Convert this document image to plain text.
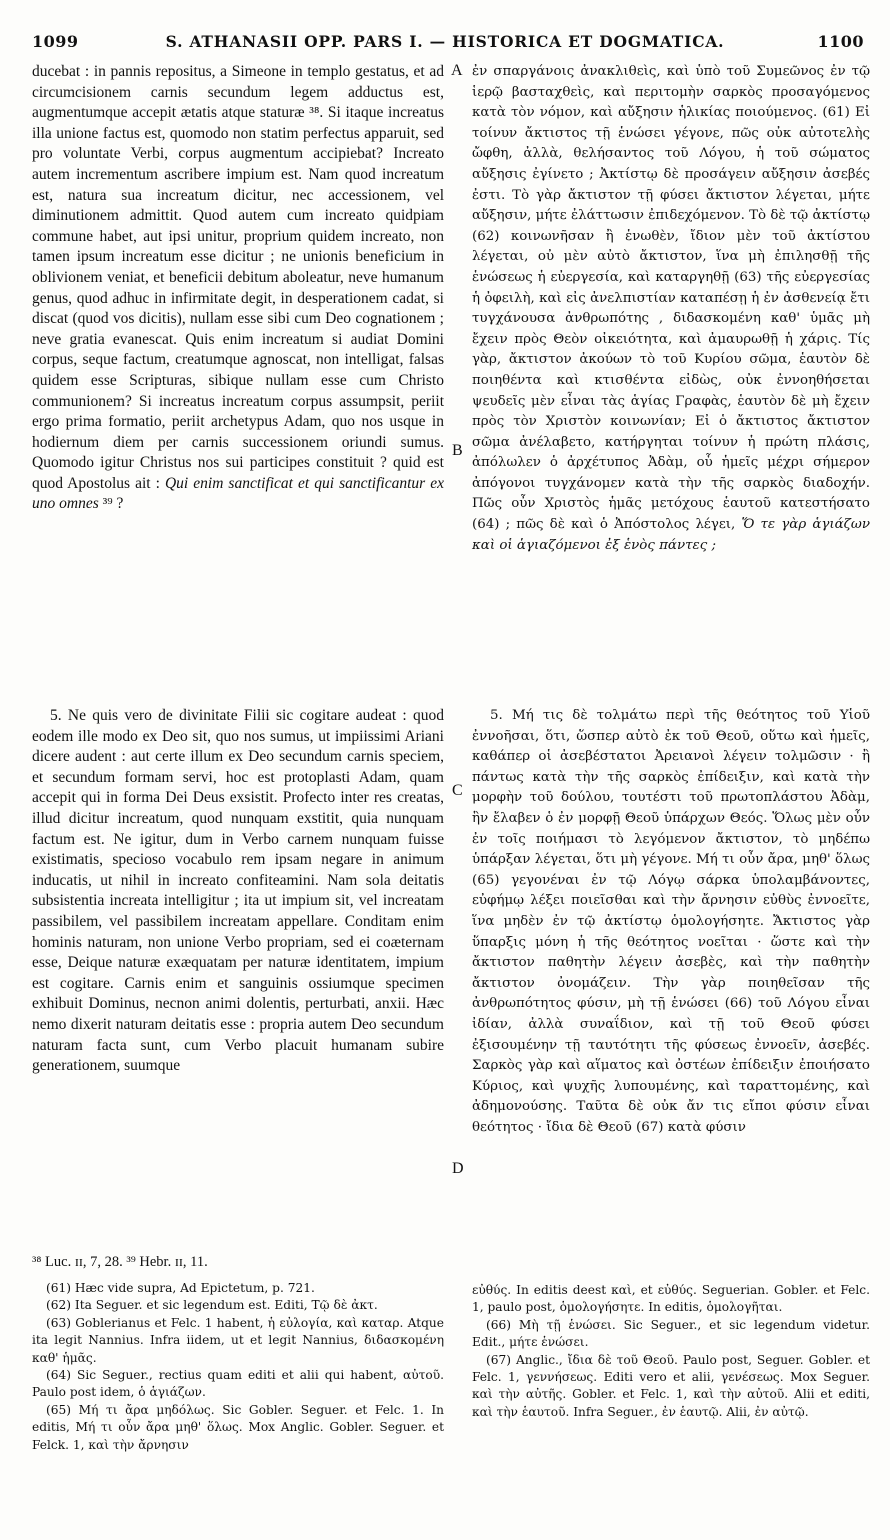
1099	S. ATHANASII OPP. PARS I. — HISTORICA ET DOGMATICA.	1100

ducebat : in pannis repositus, a Simeone in templo gestatus, et ad circumcisionem carnis secundum legem adductus est, augmentumque accepit ætatis atque staturæ ³⁸. Si itaque increatus illa unione factus est, quomodo non statim perfectus apparuit, sed pro voluntate Verbi, corpus augmentum accipiebat? Increato autem incrementum ascribere impium est. Nam quod increatum est, natura sua increatum dicitur, nec accessionem, vel diminutionem admittit. Quod autem cum increato quidpiam commune habet, aut ipsi unitur, proprium quidem increato, non tamen ipsum increatum esse dicitur ; ne unionis beneficium in oblivionem veniat, et beneficii debitum aboleatur, neve humanum genus, quod adhuc in infirmitate degit, in desperationem cadat, si discat (quod vos dicitis), nullam esse sibi cum Deo cognationem ; neve gratia evanescat. Quis enim increatum si audiat Domini corpus, seque factum, creatumque agnoscat, non intelligat, falsas quidem esse Scripturas, sibique nullam esse cum Christo communionem? Si increatus increatum corpus assumpsit, periit ergo prima formatio, periit archetypus Adam, quo nos usque in hodiernum diem per carnis successionem oriundi sumus. Quomodo igitur Christus nos sui participes constituit ? quid est quod Apostolus ait : Qui enim sanctificat et qui sanctificantur ex uno omnes ³⁹ ?

ἐν σπαργάνοις ἀνακλιθεὶς, καὶ ὑπὸ τοῦ Συμεῶνος ἐν τῷ ἱερῷ βασταχθεὶς, καὶ περιτομὴν σαρκὸς προσαγόμενος κατὰ τὸν νόμον, καὶ αὔξησιν ἡλικίας ποιούμενος. (61) Εἰ τοίνυν ἄκτιστος τῇ ἑνώσει γέγονε, πῶς οὐκ αὐτοτελὴς ὤφθη, ἀλλὰ, θελήσαντος τοῦ Λόγου, ἡ τοῦ σώματος αὔξησις ἐγίνετο ; Ἀκτίστῳ δὲ προσάγειν αὔξησιν ἀσεβές ἐστι. Τὸ γὰρ ἄκτιστον τῇ φύσει ἄκτιστον λέγεται, μήτε αὔξησιν, μήτε ἐλάττωσιν ἐπιδεχόμενον. Τὸ δὲ τῷ ἀκτίστῳ (62) κοινωνῆσαν ἢ ἑνωθὲν, ἴδιον μὲν τοῦ ἀκτίστου λέγεται, οὐ μὲν αὐτὸ ἄκτιστον, ἵνα μὴ ἐπιλησθῇ τῆς ἑνώσεως ἡ εὐεργεσία, καὶ καταργηθῇ (63) τῆς εὐεργεσίας ἡ ὀφειλὴ, καὶ εἰς ἀνελπιστίαν καταπέσῃ ἡ ἐν ἀσθενείᾳ ἔτι τυγχάνουσα ἀνθρωπότης , διδασκομένη καθ' ὑμᾶς μὴ ἔχειν πρὸς Θεὸν οἰκειότητα, καὶ ἀμαυρωθῇ ἡ χάρις. Τίς γὰρ, ἄκτιστον ἀκούων τὸ τοῦ Κυρίου σῶμα, ἑαυτὸν δὲ ποιηθέντα καὶ κτισθέντα εἰδὼς, οὐκ ἐννοηθήσεται ψευδεῖς μὲν εἶναι τὰς ἁγίας Γραφὰς, ἑαυτὸν δὲ μὴ ἔχειν πρὸς τὸν Χριστὸν κοινωνίαν; Εἰ ὁ ἄκτιστος ἄκτιστον σῶμα ἀνέλαβετο, κατήργηται τοίνυν ἡ πρώτη πλάσις, ἀπόλωλεν ὁ ἀρχέτυπος Ἀδὰμ, οὗ ἡμεῖς μέχρι σήμερον ἀπόγονοι τυγχάνομεν κατὰ τὴν τῆς σαρκὸς διαδοχήν. Πῶς οὖν Χριστὸς ἡμᾶς μετόχους ἑαυτοῦ κατεστήσατο (64) ; πῶς δὲ καὶ ὁ Ἀπόστολος λέγει, Ὅ τε γὰρ ἁγιάζων καὶ οἱ ἁγιαζόμενοι ἐξ ἑνὸς πάντες ;

5. Ne quis vero de divinitate Filii sic cogitare audeat : quod eodem ille modo ex Deo sit, quo nos sumus, ut impiissimi Ariani dicere audent : aut certe illum ex Deo secundum carnis speciem, et secundum formam servi, hoc est protoplasti Adam, quam accepit qui in forma Dei Deus exsistit. Profecto inter res creatas, illud dicitur increatum, quod nunquam exstitit, quia nunquam factum est. Ne igitur, dum in Verbo carnem nunquam fuisse existimatis, specioso vocabulo rem ipsam negare in animum inducatis, ut nihil in increato confiteamini. Nam sola deitatis subsistentia increata intelligitur ; ita ut impium sit, vel increatam passibilem, vel passibilem increatam appellare. Conditam enim hominis naturam, non unione Verbo propriam, sed ei coæternam esse, Deique naturæ exæquatam per naturæ identitatem, impium est cogitare. Carnis enim et sanguinis ossiumque specimen exhibuit Dominus, necnon animi dolentis, perturbati, anxii. Hæc nemo dixerit naturam deitatis esse : propria autem Deo secundum naturam facta sunt, cum Verbo placuit humanam subire generationem, suumque

5. Μή τις δὲ τολμάτω περὶ τῆς θεότητος τοῦ Υἱοῦ ἐννοῆσαι, ὅτι, ὥσπερ αὐτὸ ἐκ τοῦ Θεοῦ, οὕτω καὶ ἡμεῖς, καθάπερ οἱ ἀσεβέστατοι Ἀρειανοὶ λέγειν τολμῶσιν · ἢ πάντως κατὰ τὴν τῆς σαρκὸς ἐπίδειξιν, καὶ κατὰ τὴν μορφὴν τοῦ δούλου, τουτέστι τοῦ πρωτοπλάστου Ἀδὰμ, ἣν ἔλαβεν ὁ ἐν μορφῇ Θεοῦ ὑπάρχων Θεός. Ὅλως μὲν οὖν ἐν τοῖς ποιήμασι τὸ λεγόμενον ἄκτιστον, τὸ μηδέπω ὑπάρξαν λέγεται, ὅτι μὴ γέγονε. Μή τι οὖν ἄρα, μηθ' ὅλως (65) γεγονέναι ἐν τῷ Λόγῳ σάρκα ὑπολαμβάνοντες, εὐφήμῳ λέξει ποιεῖσθαι καὶ τὴν ἄρνησιν εὐθὺς ἐννοεῖτε, ἵνα μηδὲν ἐν τῷ ἀκτίστῳ ὁμολογήσητε. Ἄκτιστος γὰρ ὕπαρξις μόνη ἡ τῆς θεότητος νοεῖται · ὥστε καὶ τὴν ἄκτιστον παθητὴν λέγειν ἀσεβὲς, καὶ τὴν παθητὴν ἄκτιστον ὀνομάζειν. Τὴν γὰρ ποιηθεῖσαν τῆς ἀνθρωπότητος φύσιν, μὴ τῇ ἑνώσει (66) τοῦ Λόγου εἶναι ἰδίαν, ἀλλὰ συναΐδιον, καὶ τῇ τοῦ Θεοῦ φύσει ἐξισουμένην τῇ ταυτότητι τῆς φύσεως ἐννοεῖν, ἀσεβές. Σαρκὸς γὰρ καὶ αἵματος καὶ ὀστέων ἐπίδειξιν ἐποιήσατο Κύριος, καὶ ψυχῆς λυπουμένης, καὶ ταραττομένης, καὶ ἀδημονούσης. Ταῦτα δὲ οὐκ ἄν τις εἴποι φύσιν εἶναι θεότητος · ἴδια δὲ Θεοῦ (67) κατὰ φύσιν

A
B
C
D
³⁸ Luc. ɪɪ, 7, 28. ³⁹ Hebr. ɪɪ, 11.

(61) Hæc vide supra, Ad Epictetum, p. 721.

(62) Ita Seguer. et sic legendum est. Editi, Τῷ δὲ ἀκτ.

(63) Goblerianus et Felc. 1 habent, ἡ εὐλογία, καὶ καταρ. Atque ita legit Nannius. Infra iidem, ut et legit Nannius, διδασκομένη καθ' ἡμᾶς.

(64) Sic Seguer., rectius quam editi et alii qui habent, αὐτοῦ. Paulo post idem, ὁ ἁγιάζων.

(65) Μή τι ἄρα μηδόλως. Sic Gobler. Seguer. et Felc. 1. In editis, Μή τι οὖν ἄρα μηθ' ὅλως. Mox Anglic. Gobler. Seguer. et Felck. 1, καὶ τὴν ἄρνησιν

εὐθύς. In editis deest καὶ, et εὐθύς. Seguerian. Gobler. et Felc. 1, paulo post, ὁμολογήσητε. In editis, ὁμολογῆται.

(66) Μὴ τῇ ἑνώσει. Sic Seguer., et sic legendum videtur. Edit., μήτε ἑνώσει.

(67) Anglic., ἴδια δὲ τοῦ Θεοῦ. Paulo post, Seguer. Gobler. et Felc. 1, γεννήσεως. Editi vero et alii, γενέσεως. Mox Seguer. καὶ τὴν αὐτῆς. Gobler. et Felc. 1, καὶ τὴν αὐτοῦ. Alii et editi, καὶ τὴν ἑαυτοῦ. Infra Seguer., ἐν ἑαυτῷ. Alii, ἐν αὐτῷ.
